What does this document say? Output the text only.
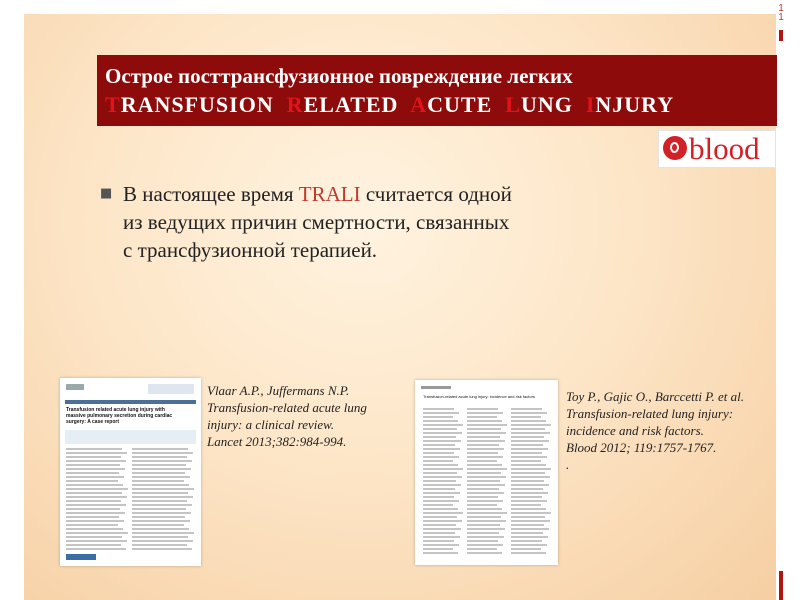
1
1
Острое посттрансфузионное повреждение легких
TRANSFUSION RELATED ACUTE LUNG INJURY
blood
■ В настоящее время TRALI считается одной
из ведущих причин смертности, связанных
с трансфузионной терапией.
Transfusion related acute lung injury with
massive pulmonary secretion during cardiac
surgery: A case report
Vlaar A.P., Juffermans N.P.
Transfusion-related acute lung
injury: a clinical review.
Lancet 2013;382:984-994.
Transfusion-related acute lung injury: incidence and risk factors	Toy P., Gajic O., Barccetti P. et al.
Transfusion-related lung injury:
incidence and risk factors.
Blood 2012; 119:1757-1767.
.
